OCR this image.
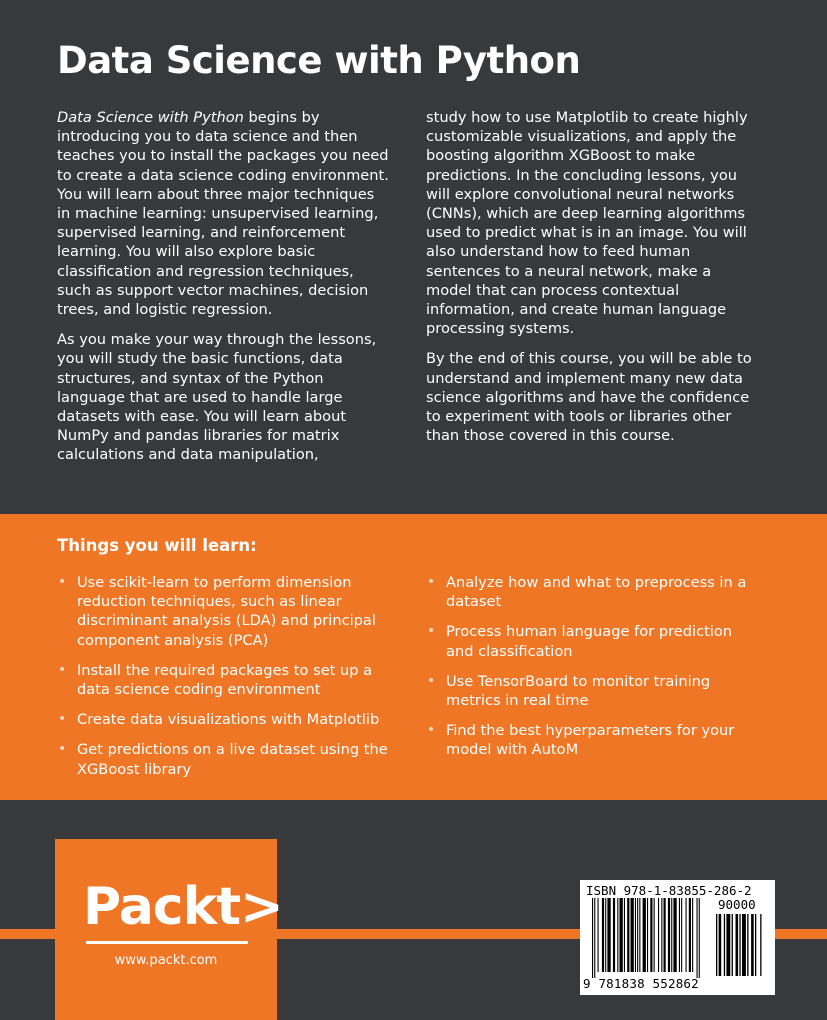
Data Science with Python

Data Science with Python begins by introducing you to data science and then teaches you to install the packages you need to create a data science coding environment. You will learn about three major techniques in machine learning: unsupervised learning, supervised learning, and reinforcement learning. You will also explore basic classification and regression techniques, such as support vector machines, decision trees, and logistic regression.

As you make your way through the lessons, you will study the basic functions, data structures, and syntax of the Python language that are used to handle large datasets with ease. You will learn about NumPy and pandas libraries for matrix calculations and data manipulation,

study how to use Matplotlib to create highly customizable visualizations, and apply the boosting algorithm XGBoost to make predictions. In the concluding lessons, you will explore convolutional neural networks (CNNs), which are deep learning algorithms used to predict what is in an image. You will also understand how to feed human sentences to a neural network, make a model that can process contextual information, and create human language processing systems.

By the end of this course, you will be able to understand and implement many new data science algorithms and have the confidence to experiment with tools or libraries other than those covered in this course.

Things you will learn:
• Use scikit-learn to perform dimension reduction techniques, such as linear discriminant analysis (LDA) and principal component analysis (PCA)
• Install the required packages to set up a data science coding environment
• Create data visualizations with Matplotlib
• Get predictions on a live dataset using the XGBoost library
• Analyze how and what to preprocess in a dataset
• Process human language for prediction and classification
• Use TensorBoard to monitor training metrics in real time
• Find the best hyperparameters for your model with AutoM
Packt>
www.packt.com
ISBN 978-1-83855-286-2
90000
9 781838 552862
